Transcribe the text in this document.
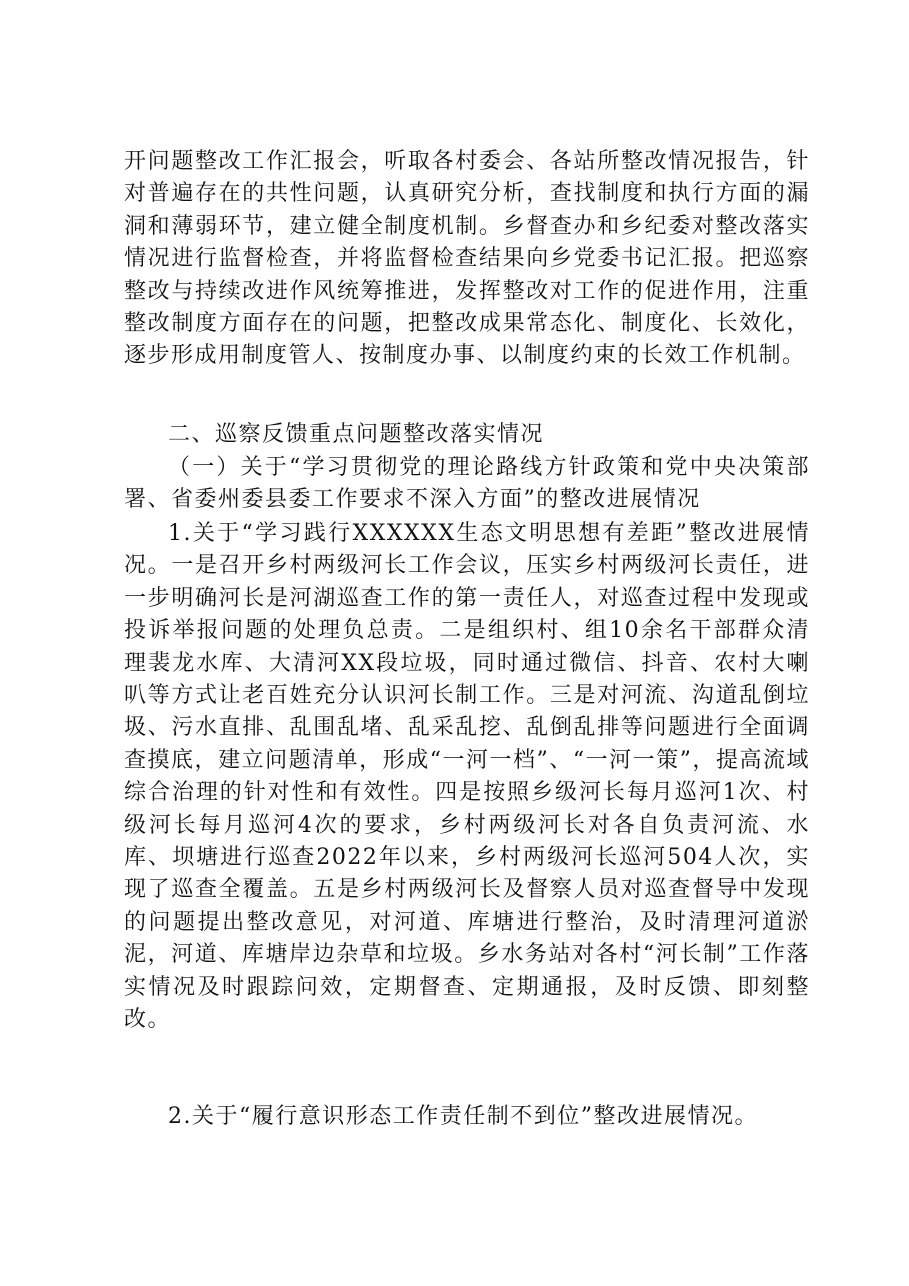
开问题整改工作汇报会，听取各村委会、各站所整改情况报告，针对普遍存在的共性问题，认真研究分析，查找制度和执行方面的漏洞和薄弱环节，建立健全制度机制。乡督查办和乡纪委对整改落实情况进行监督检查，并将监督检查结果向乡党委书记汇报。把巡察整改与持续改进作风统筹推进，发挥整改对工作的促进作用，注重整改制度方面存在的问题，把整改成果常态化、制度化、长效化，逐步形成用制度管人、按制度办事、以制度约束的长效工作机制。
二、巡察反馈重点问题整改落实情况
（一）关于“学习贯彻党的理论路线方针政策和党中央决策部署、省委州委县委工作要求不深入方面”的整改进展情况
1.关于“学习践行XXXXXX生态文明思想有差距”整改进展情况。一是召开乡村两级河长工作会议，压实乡村两级河长责任，进一步明确河长是河湖巡查工作的第一责任人，对巡查过程中发现或投诉举报问题的处理负总责。二是组织村、组10余名干部群众清理裴龙水库、大清河XX段垃圾，同时通过微信、抖音、农村大喇叭等方式让老百姓充分认识河长制工作。三是对河流、沟道乱倒垃圾、污水直排、乱围乱堵、乱采乱挖、乱倒乱排等问题进行全面调查摸底，建立问题清单，形成“一河一档”、“一河一策”，提高流域综合治理的针对性和有效性。四是按照乡级河长每月巡河1次、村级河长每月巡河4次的要求，乡村两级河长对各自负责河流、水库、坝塘进行巡查2022年以来，乡村两级河长巡河504人次，实现了巡查全覆盖。五是乡村两级河长及督察人员对巡查督导中发现的问题提出整改意见，对河道、库塘进行整治，及时清理河道淤泥，河道、库塘岸边杂草和垃圾。乡水务站对各村“河长制”工作落实情况及时跟踪问效，定期督查、定期通报，及时反馈、即刻整改。
2.关于“履行意识形态工作责任制不到位”整改进展情况。
